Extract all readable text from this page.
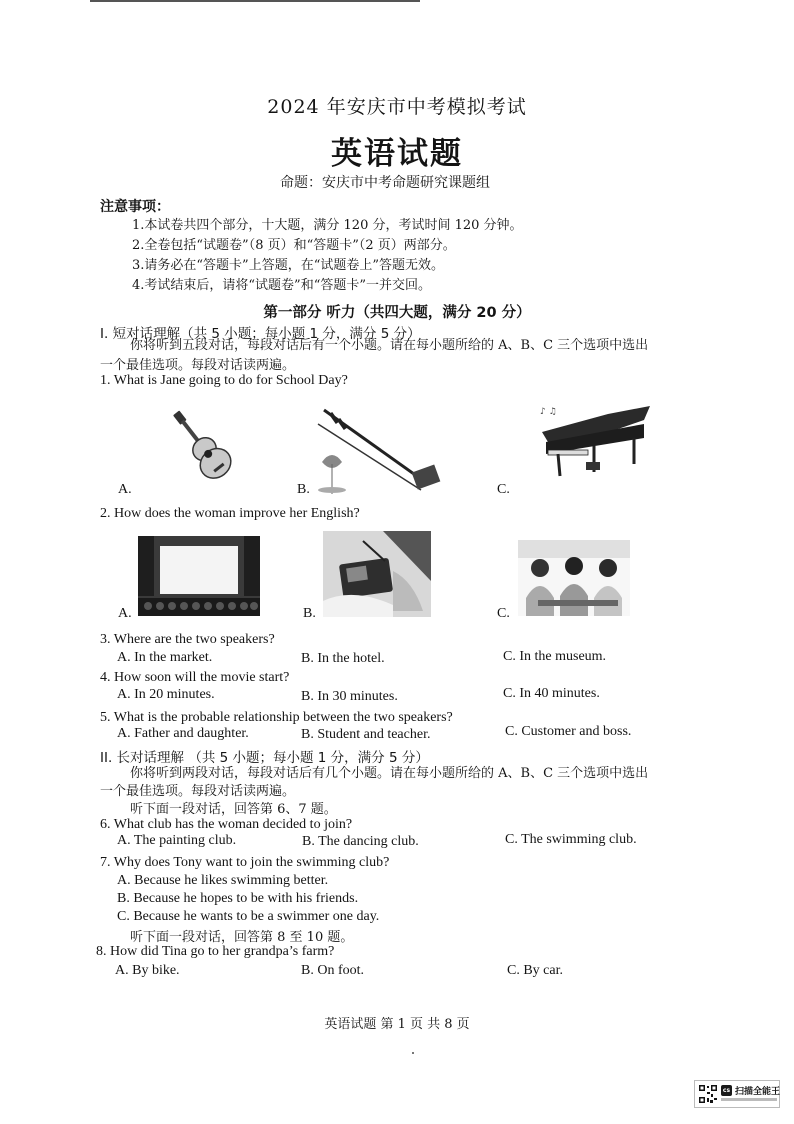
2024 年安庆市中考模拟考试
英语试题
命题：安庆市中考命题研究课题组
注意事项：
1.本试卷共四个部分，十大题，满分 120 分，考试时间 120 分钟。
2.全卷包括“试题卷”（8 页）和“答题卡”（2 页）两部分。
3.请务必在“答题卡”上答题，在“试题卷上”答题无效。
4.考试结束后，请将“试题卷”和“答题卡”一并交回。
第一部分 听力（共四大题，满分 20 分）
I. 短对话理解（共 5 小题；每小题 1 分，满分 5 分）
你将听到五段对话，每段对话后有一个小题。请在每小题所给的 A、B、C 三个选项中选出
一个最佳选项。每段对话读两遍。
1. What is Jane going to do for School Day?
A.	B.
♪ ♫
C.
2. How does the woman improve her English?
A.	B.	C.
3. Where are the two speakers?
A. In the market.	B. In the hotel.	C. In the museum.
4. How soon will the movie start?
A. In 20 minutes.	B. In 30 minutes.	C. In 40 minutes.
5. What is the probable relationship between the two speakers?
A. Father and daughter.	B. Student and teacher.	C. Customer and boss.
II. 长对话理解 （共 5 小题；每小题 1 分，满分 5 分）
你将听到两段对话，每段对话后有几个小题。请在每小题所给的 A、B、C 三个选项中选出
一个最佳选项。每段对话读两遍。
听下面一段对话，回答第 6、7 题。
6. What club has the woman decided to join?
A. The painting club.	B. The dancing club.	C. The swimming club.
7. Why does Tony want to join the swimming club?
A. Because he likes swimming better.
B. Because he hopes to be with his friends.
C. Because he wants to be a swimmer one day.
听下面一段对话，回答第 8 至 10 题。
8. How did Tina go to her grandpa’s farm?
A. By bike.	B. On foot.	C. By car.
英语试题 第 1 页 共 8 页
cs 扫描全能王
